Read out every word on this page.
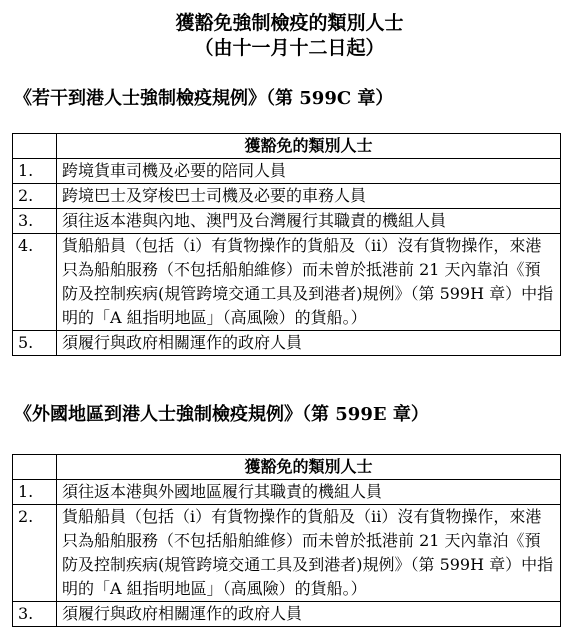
獲豁免強制檢疫的類別人士
（由十一月十二日起）
《若干到港人士強制檢疫規例》（第 599C 章）
	獲豁免的類別人士
1.	跨境貨車司機及必要的陪同人員
2.	跨境巴士及穿梭巴士司機及必要的車務人員
3.	須往返本港與內地、澳門及台灣履行其職責的機組人員
4.	貨船船員（包括（i）有貨物操作的貨船及（ii）沒有貨物操作，來港只為船舶服務（不包括船舶維修）而未曾於抵港前 21 天內靠泊《預防及控制疾病(規管跨境交通工具及到港者)規例》（第 599H 章）中指明的「A 組指明地區」（高風險）的貨船。）
5.	須履行與政府相關運作的政府人員
《外國地區到港人士強制檢疫規例》（第 599E 章）
	獲豁免的類別人士
1.	須往返本港與外國地區履行其職責的機組人員
2.	貨船船員（包括（i）有貨物操作的貨船及（ii）沒有貨物操作，來港只為船舶服務（不包括船舶維修）而未曾於抵港前 21 天內靠泊《預防及控制疾病(規管跨境交通工具及到港者)規例》（第 599H 章）中指明的「A 組指明地區」（高風險）的貨船。）
3.	須履行與政府相關運作的政府人員
